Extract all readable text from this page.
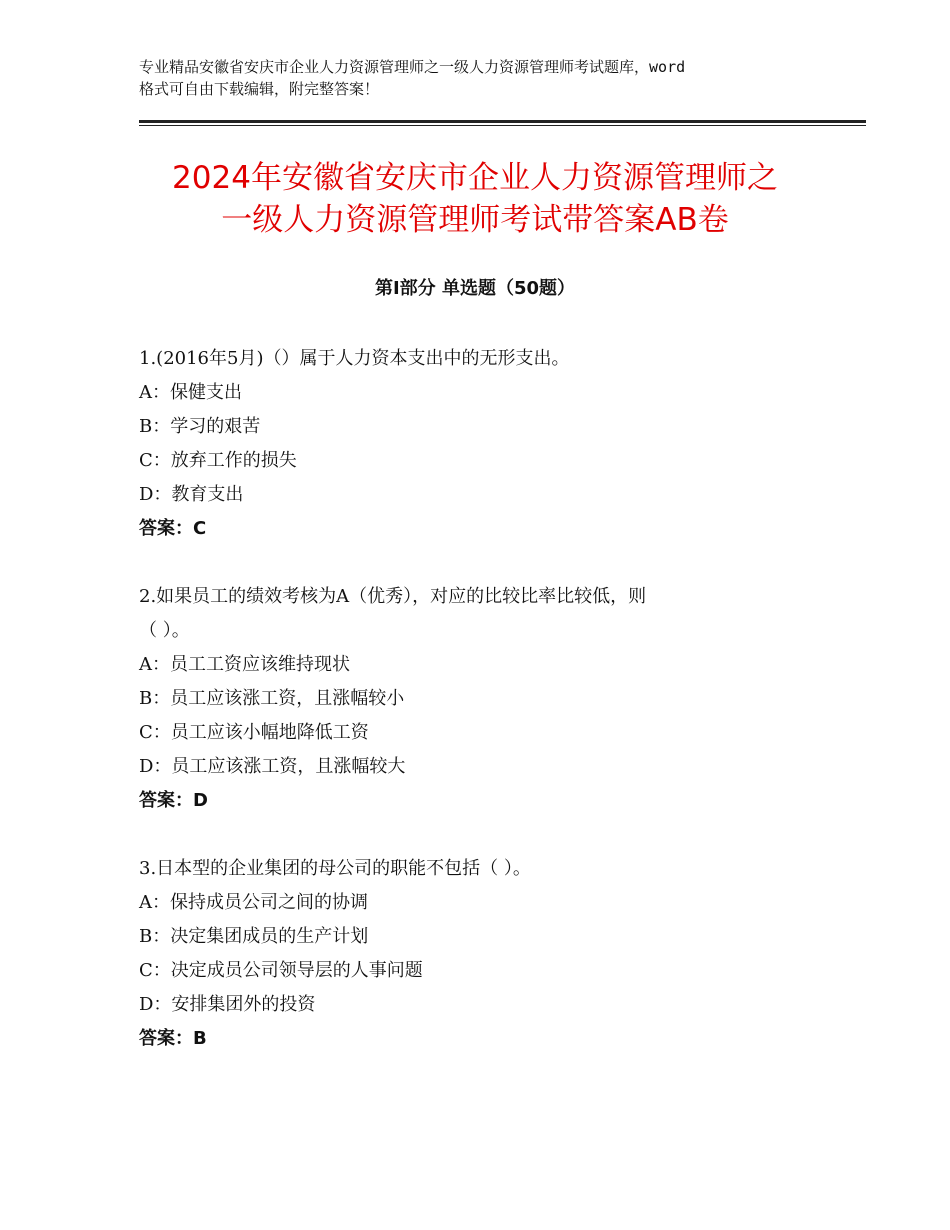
专业精品安徽省安庆市企业人力资源管理师之一级人力资源管理师考试题库，word
格式可自由下载编辑，附完整答案！
2024年安徽省安庆市企业人力资源管理师之
一级人力资源管理师考试带答案AB卷
第Ⅰ部分 单选题（50题）
1.(2016年5月)（）属于人力资本支出中的无形支出。
A：保健支出
B：学习的艰苦
C：放弃工作的损失
D：教育支出
答案：C
2.如果员工的绩效考核为A（优秀），对应的比较比率比较低，则
（ ）。
A：员工工资应该维持现状
B：员工应该涨工资，且涨幅较小
C：员工应该小幅地降低工资
D：员工应该涨工资，且涨幅较大
答案：D
3.日本型的企业集团的母公司的职能不包括（ ）。
A：保持成员公司之间的协调
B：决定集团成员的生产计划
C：决定成员公司领导层的人事问题
D：安排集团外的投资
答案：B
